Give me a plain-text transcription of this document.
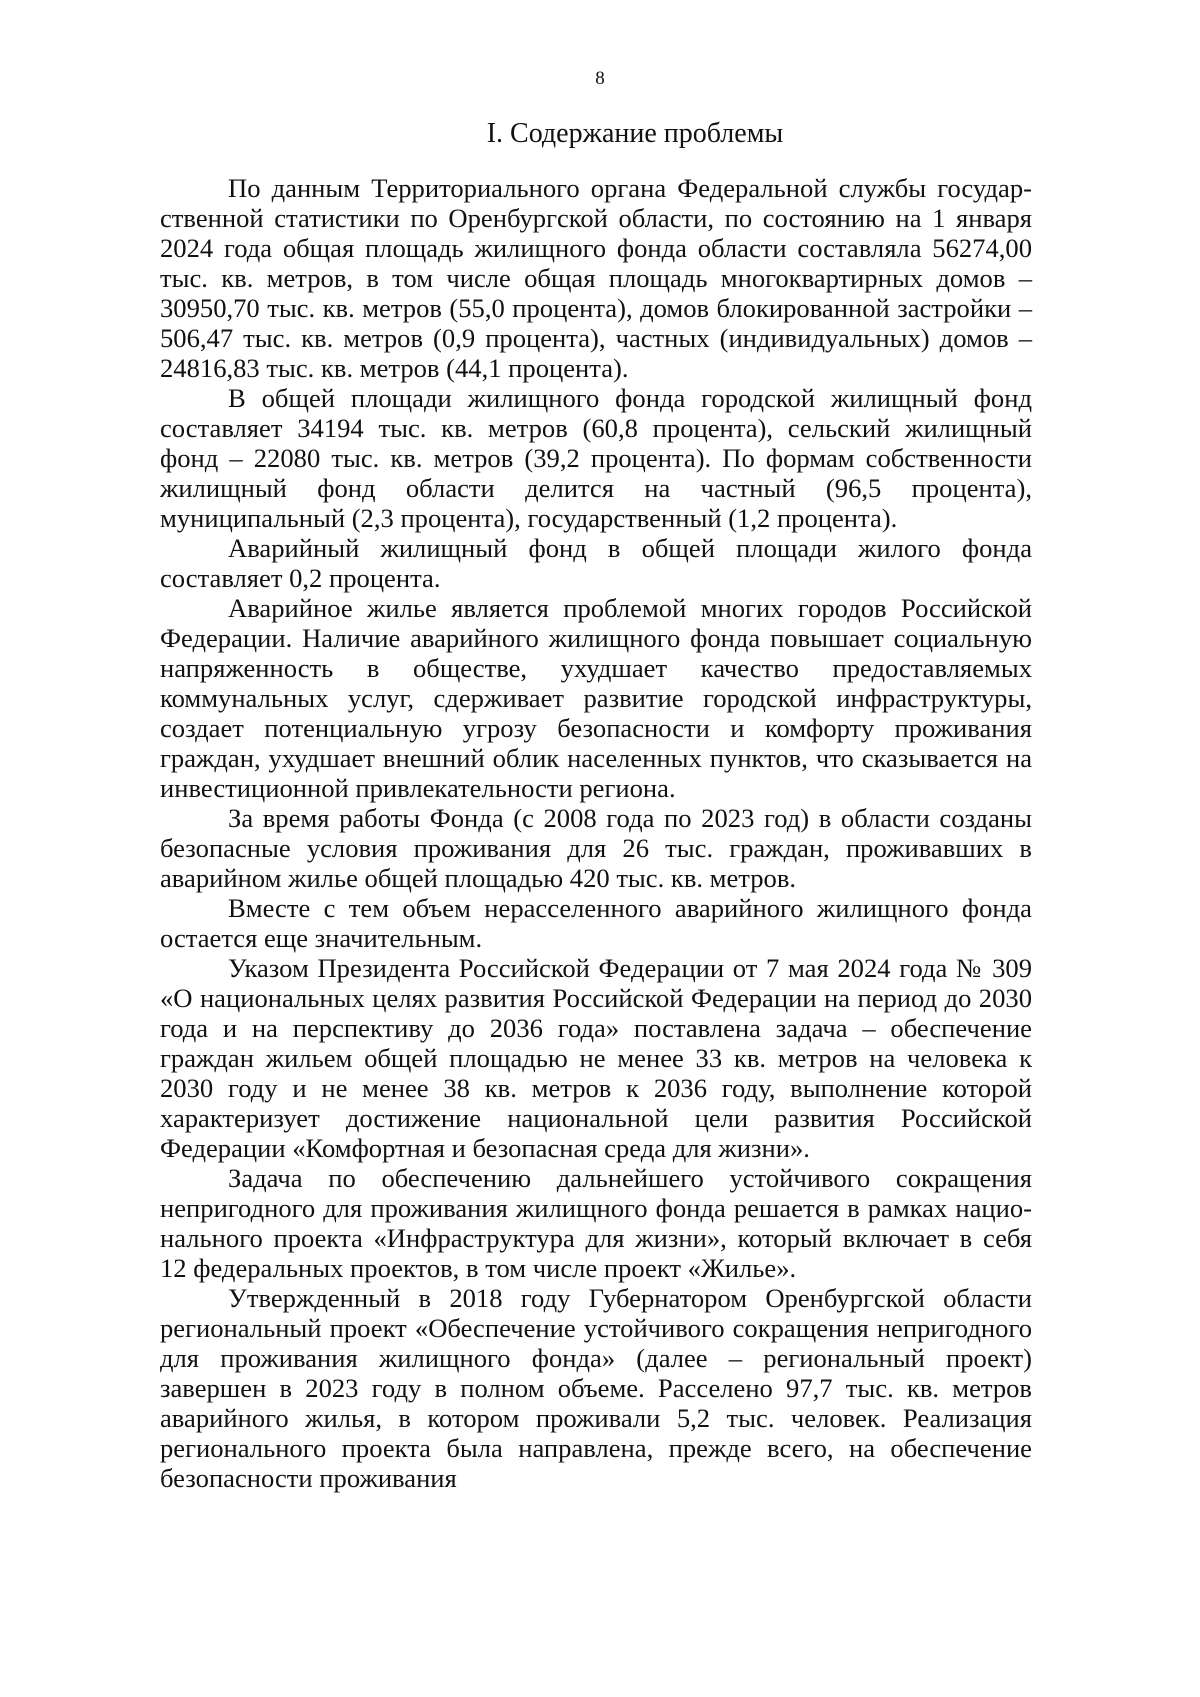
8
I. Содержание проблемы

По данным Территориального органа Федеральной службы государственной статистики по Оренбургской области, по состоянию на 1 января 2024 года общая площадь жилищного фонда области составляла 56274,00 тыс. кв. метров, в том числе общая площадь многоквартирных домов – 30950,70 тыс. кв. метров (55,0 процента), домов блокированной застройки – 506,47 тыс. кв. метров (0,9 процента), частных (индивидуальных) домов – 24816,83 тыс. кв. метров (44,1 процента).

В общей площади жилищного фонда городской жилищный фонд составляет 34194 тыс. кв. метров (60,8 процента), сельский жилищный фонд – 22080 тыс. кв. метров (39,2 процента). По формам собственности жилищный фонд области делится на частный (96,5 процента), муниципальный (2,3 процента), государственный (1,2 процента).

Аварийный жилищный фонд в общей площади жилого фонда составляет 0,2 процента.

Аварийное жилье является проблемой многих городов Российской Федерации. Наличие аварийного жилищного фонда повышает социальную напряженность в обществе, ухудшает качество предоставляемых коммунальных услуг, сдерживает развитие городской инфраструктуры, создает потенциальную угрозу безопасности и комфорту проживания граждан, ухудшает внешний облик населенных пунктов, что сказывается на инвестиционной привлекательности региона.

За время работы Фонда (с 2008 года по 2023 год) в области созданы безопасные условия проживания для 26 тыс. граждан, проживавших в аварийном жилье общей площадью 420 тыс. кв. метров.

Вместе с тем объем нерасселенного аварийного жилищного фонда остается еще значительным.

Указом Президента Российской Федерации от 7 мая 2024 года № 309 «О национальных целях развития Российской Федерации на период до 2030 года и на перспективу до 2036 года» поставлена задача – обеспечение граждан жильем общей площадью не менее 33 кв. метров на человека к 2030 году и не менее 38 кв. метров к 2036 году, выполнение которой характеризует достижение национальной цели развития Российской Федерации «Комфортная и безопасная среда для жизни».

Задача по обеспечению дальнейшего устойчивого сокращения непригодного для проживания жилищного фонда решается в рамках национального проекта «Инфраструктура для жизни», который включает в себя 12 федеральных проектов, в том числе проект «Жилье».

Утвержденный в 2018 году Губернатором Оренбургской области региональный проект «Обеспечение устойчивого сокращения непригодного для проживания жилищного фонда» (далее – региональный проект) завершен в 2023 году в полном объеме. Расселено 97,7 тыс. кв. метров аварийного жилья, в котором проживали 5,2 тыс. человек. Реализация регионального проекта была направлена, прежде всего, на обеспечение безопасности проживания
